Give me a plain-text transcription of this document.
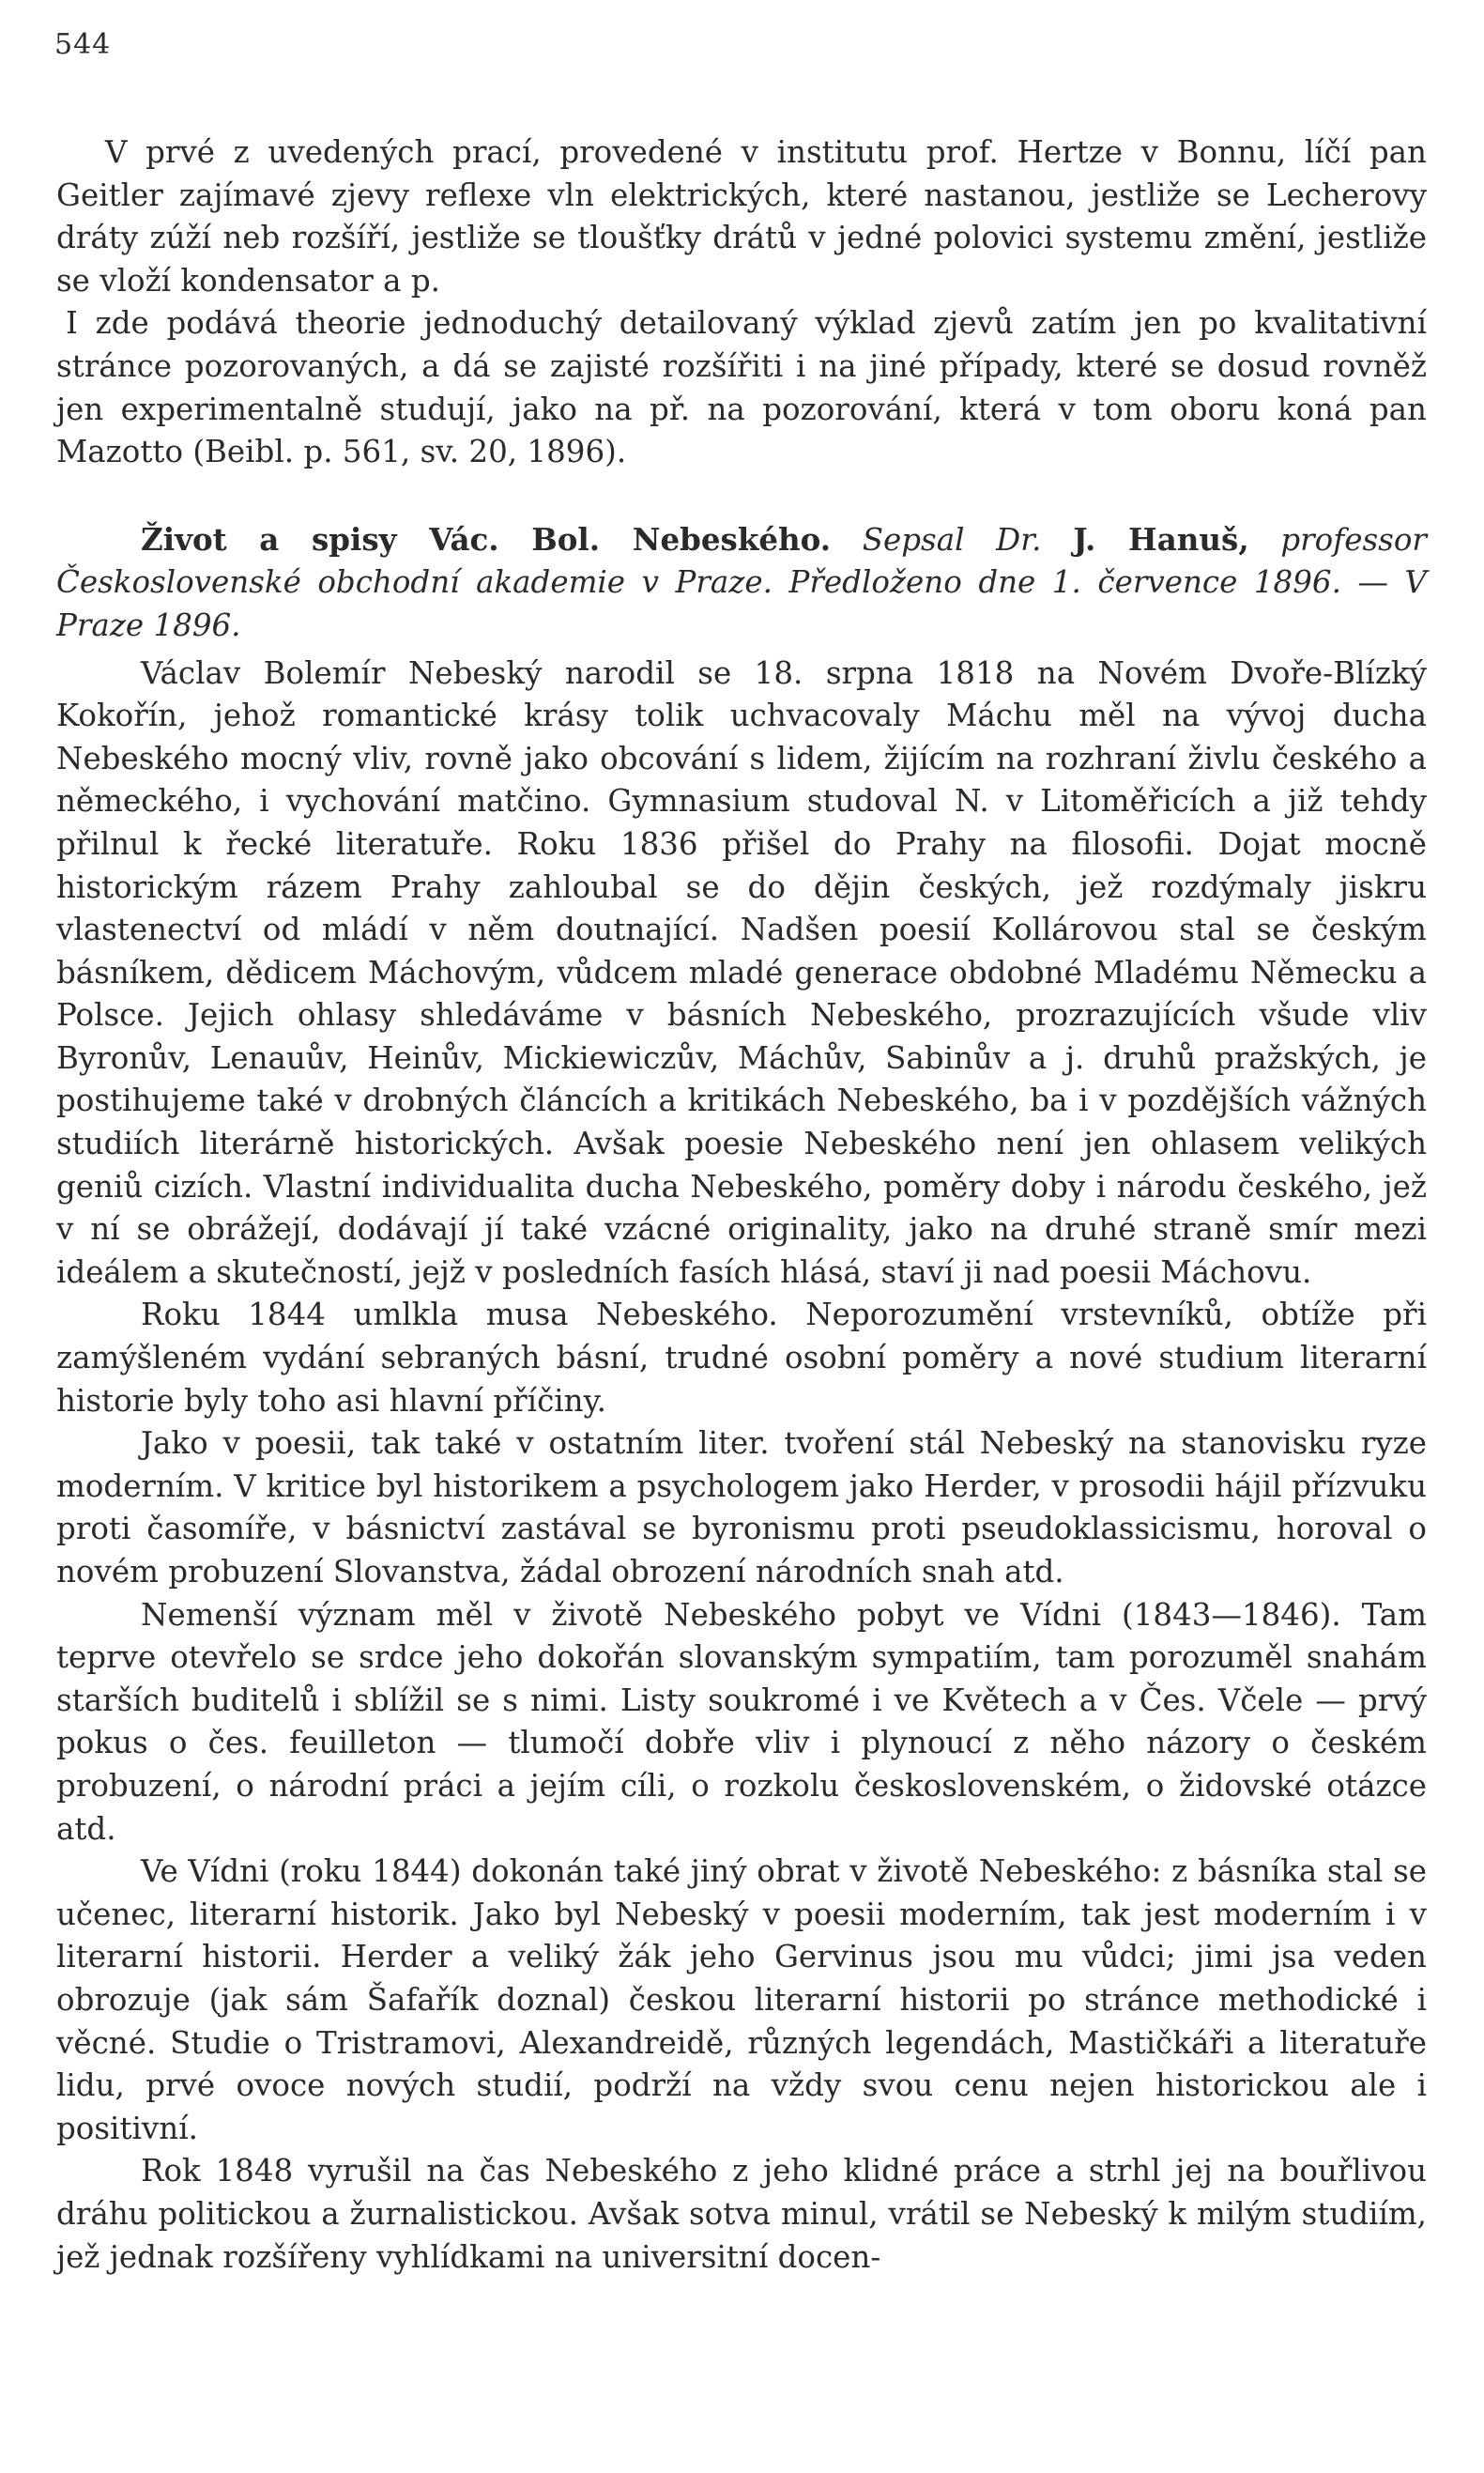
544

V prvé z uvedených prací, provedené v institutu prof. Hertze v Bonnu, líčí pan Geitler zajímavé zjevy reflexe vln elektrických, které nastanou, jestliže se Lecherovy dráty zúží neb rozšíří, jestliže se tloušťky drátů v jedné polovici systemu změní, jestliže se vloží kondensator a p.

I zde podává theorie jednoduchý detailovaný výklad zjevů zatím jen po kvalitativní stránce pozorovaných, a dá se zajisté rozšířiti i na jiné případy, které se dosud rovněž jen experimentalně studují, jako na př. na pozorování, která v tom oboru koná pan Mazotto (Beibl. p. 561, sv. 20, 1896).

Život a spisy Vác. Bol. Nebeského. Sepsal Dr. J. Hanuš, professor Československé obchodní akademie v Praze. Předloženo dne 1. července 1896. — V Praze 1896.

Václav Bolemír Nebeský narodil se 18. srpna 1818 na Novém Dvoře-Blízký Kokořín, jehož romantické krásy tolik uchvacovaly Máchu měl na vývoj ducha Nebeského mocný vliv, rovně jako obcování s lidem, žijícím na rozhraní živlu českého a německého, i vychování matčino. Gymnasium studoval N. v Litoměřicích a již tehdy přilnul k řecké literatuře. Roku 1836 přišel do Prahy na filosofii. Dojat mocně historickým rázem Prahy zahloubal se do dějin českých, jež rozdýmaly jiskru vlastenectví od mládí v něm doutnající. Nadšen poesií Kollárovou stal se českým básníkem, dědicem Máchovým, vůdcem mladé generace obdobné Mladému Německu a Polsce. Jejich ohlasy shledáváme v básních Nebeského, prozrazujících všude vliv Byronův, Lenauův, Heinův, Mickiewiczův, Máchův, Sabinův a j. druhů pražských, je postihujeme také v drobných článcích a kritikách Nebeského, ba i v pozdějších vážných studiích literárně historických. Avšak poesie Nebeského není jen ohlasem velikých geniů cizích. Vlastní individualita ducha Nebeského, poměry doby i národu českého, jež v ní se obrážejí, dodávají jí také vzácné originality, jako na druhé straně smír mezi ideálem a skutečností, jejž v posledních fasích hlásá, staví ji nad poesii Máchovu.

Roku 1844 umlkla musa Nebeského. Neporozumění vrstevníků, obtíže při zamýšleném vydání sebraných básní, trudné osobní poměry a nové studium literarní historie byly toho asi hlavní příčiny.

Jako v poesii, tak také v ostatním liter. tvoření stál Nebeský na stanovisku ryze moderním. V kritice byl historikem a psychologem jako Herder, v prosodii hájil přízvuku proti časomíře, v básnictví zastával se byronismu proti pseudoklassicismu, horoval o novém probuzení Slovanstva, žádal obrození národních snah atd.

Nemenší význam měl v životě Nebeského pobyt ve Vídni (1843—1846). Tam teprve otevřelo se srdce jeho dokořán slovanským sympatiím, tam porozuměl snahám starších buditelů i sblížil se s nimi. Listy soukromé i ve Květech a v Čes. Včele — prvý pokus o čes. feuilleton — tlumočí dobře vliv i plynoucí z něho názory o českém probuzení, o národní práci a jejím cíli, o rozkolu československém, o židovské otázce atd.

Ve Vídni (roku 1844) dokonán také jiný obrat v životě Nebeského: z básníka stal se učenec, literarní historik. Jako byl Nebeský v poesii moderním, tak jest moderním i v literarní historii. Herder a veliký žák jeho Gervinus jsou mu vůdci; jimi jsa veden obrozuje (jak sám Šafařík doznal) českou literarní historii po stránce methodické i věcné. Studie o Tristramovi, Alexandreidě, různých legendách, Mastičkáři a literatuře lidu, prvé ovoce nových studií, podrží na vždy svou cenu nejen historickou ale i positivní.

Rok 1848 vyrušil na čas Nebeského z jeho klidné práce a strhl jej na bouřlivou dráhu politickou a žurnalistickou. Avšak sotva minul, vrátil se Nebeský k milým studiím, jež jednak rozšířeny vyhlídkami na universitní docen-
